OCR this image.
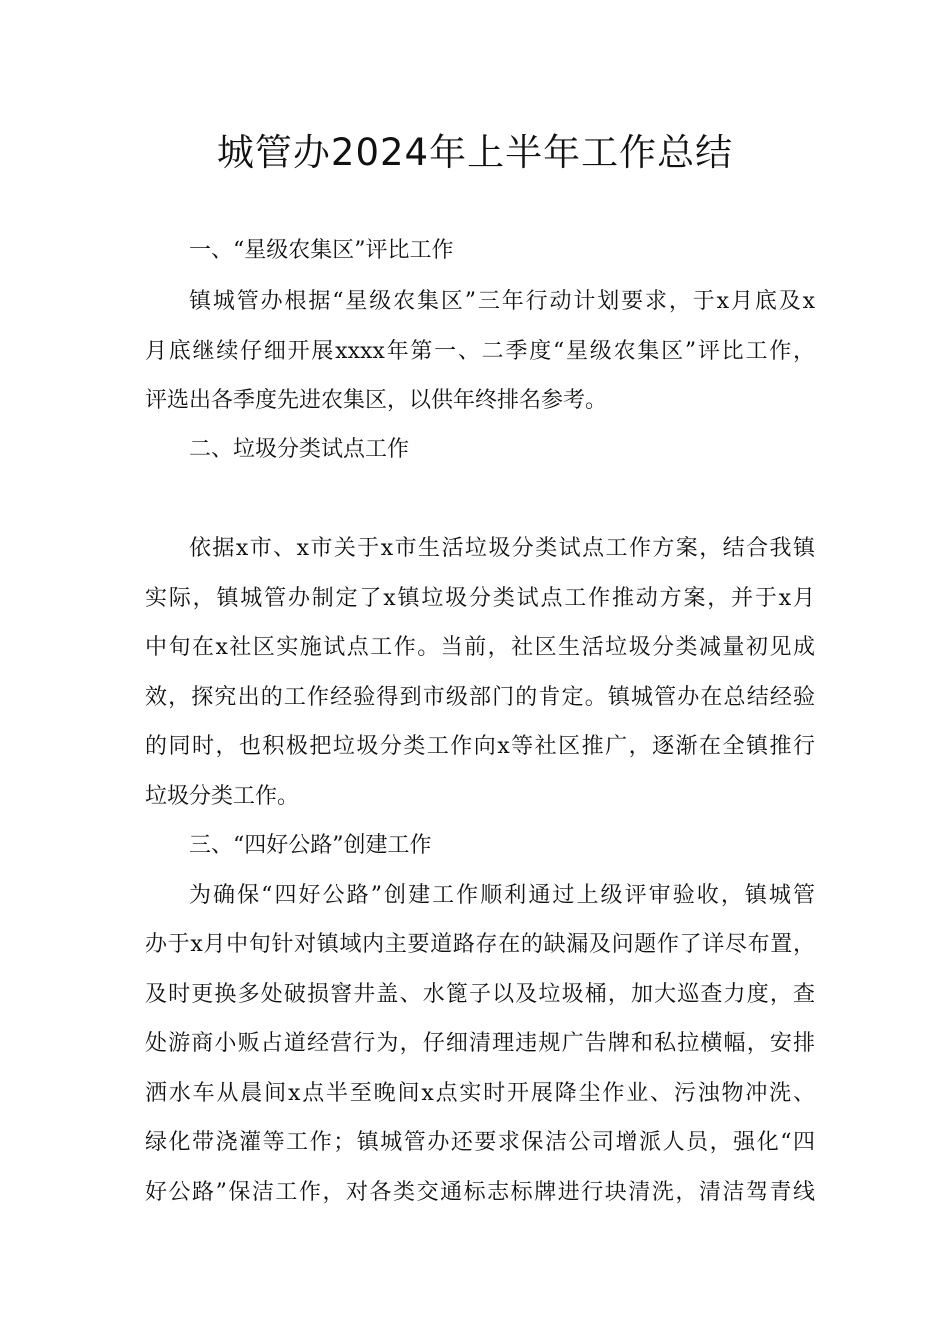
城管办2024年上半年工作总结

一、“星级农集区”评比工作

镇城管办根据“星级农集区”三年行动计划要求，于x月底及x

月底继续仔细开展xxxx年第一、二季度“星级农集区”评比工作，

评选出各季度先进农集区，以供年终排名参考。

二、垃圾分类试点工作

依据x市、x市关于x市生活垃圾分类试点工作方案，结合我镇

实际，镇城管办制定了x镇垃圾分类试点工作推动方案，并于x月

中旬在x社区实施试点工作。当前，社区生活垃圾分类减量初见成

效，探究出的工作经验得到市级部门的肯定。镇城管办在总结经验

的同时，也积极把垃圾分类工作向x等社区推广，逐渐在全镇推行

垃圾分类工作。

三、“四好公路”创建工作

为确保“四好公路”创建工作顺利通过上级评审验收，镇城管

办于x月中旬针对镇域内主要道路存在的缺漏及问题作了详尽布置，

及时更换多处破损窨井盖、水篦子以及垃圾桶，加大巡查力度，查

处游商小贩占道经营行为，仔细清理违规广告牌和私拉横幅，安排

洒水车从晨间x点半至晚间x点实时开展降尘作业、污浊物冲洗、

绿化带浇灌等工作；镇城管办还要求保洁公司增派人员，强化“四

好公路”保洁工作，对各类交通标志标牌进行块清洗，清洁驾青线
